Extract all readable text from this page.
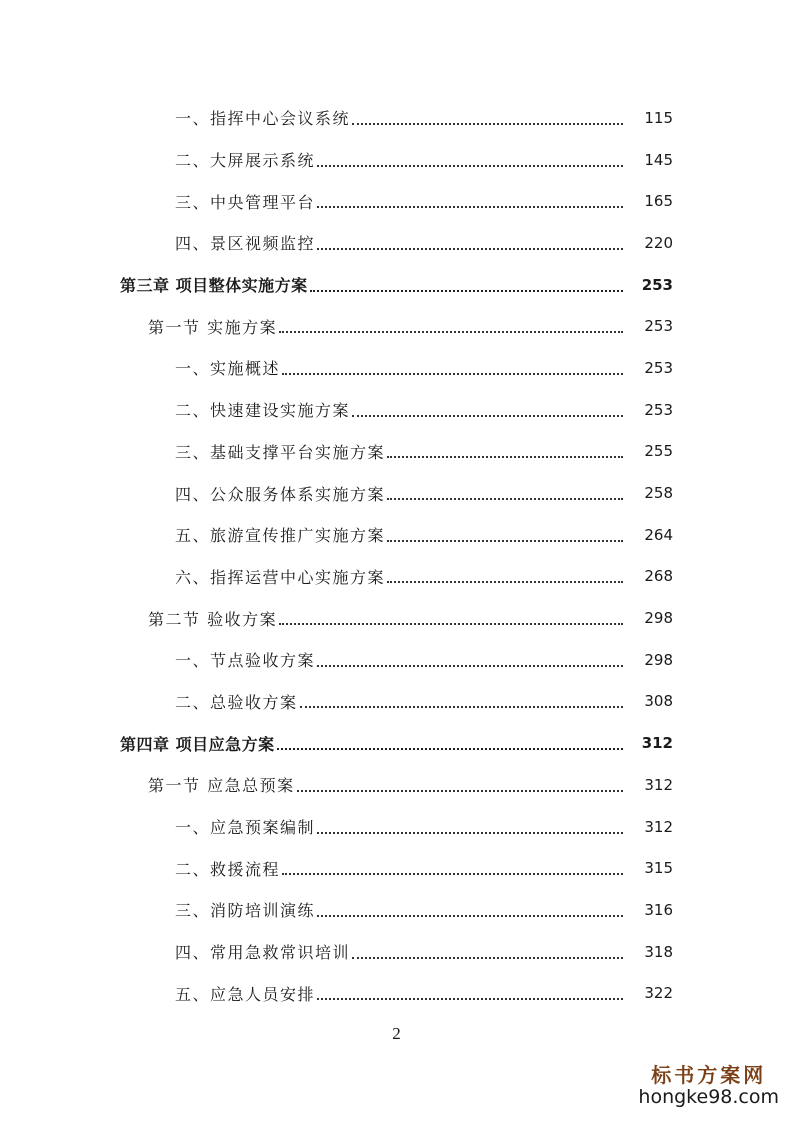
一、指挥中心会议系统	115
二、大屏展示系统	145
三、中央管理平台	165
四、景区视频监控	220
第三章 项目整体实施方案	253
第一节 实施方案	253
一、实施概述	253
二、快速建设实施方案	253
三、基础支撑平台实施方案	255
四、公众服务体系实施方案	258
五、旅游宣传推广实施方案	264
六、指挥运营中心实施方案	268
第二节 验收方案	298
一、节点验收方案	298
二、总验收方案	308
第四章 项目应急方案	312
第一节 应急总预案	312
一、应急预案编制	312
二、救援流程	315
三、消防培训演练	316
四、常用急救常识培训	318
五、应急人员安排	322
2
标书方案网
hongke98.com
